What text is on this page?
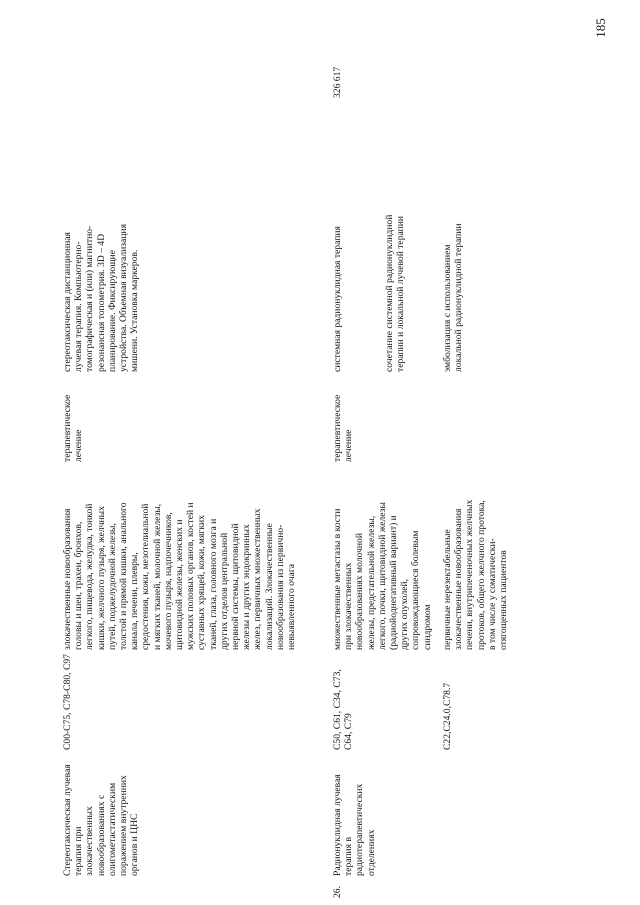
185
Стереотаксическая лучевая
терапия при
злокачественных
новообразованиях с
олигометастатическим
поражением внутренних
органов и ЦНС
С00-С75, С78-С80, С97
злокачественные новообразования
головы и шеи, трахеи, бронхов,
легкого, пищевода, желудка, тонкой
кишки, желчного пузыря, желчных
путей, поджелудочной железы,
толстой и прямой кишки, анального
канала, печени, плевры,
средостения, кожи, мезотелиальной
и мягких тканей, молочной железы,
мочевого пузыря, надпочечников,
щитовидной железы, женских и
мужских половых органов, костей и
суставных хрящей, кожи, мягких
тканей, глаза, головного мозга и
других отделов центральной
нервной системы, щитовидной
железы и других эндокринных
желез, первичных множественных
локализаций. Злокачественные
новообразования из первично-
невыявленного очага
терапевтическое
лечение
стереотаксическая дистанционная
лучевая терапия. Компьютерно-
томографическая и (или) магнитно-
резонансная топометрия. 3D – 4D
планирование. Фиксирующие
устройства. Объемная визуализация
мишени. Установка маркеров.
26.
Радионуклидная лучевая
терапия в
радиотерапевтических
отделениях
С50, С61, С34, С73,
С64, С79
множественные метастазы в кости
при злокачественных
новообразованиях молочной
железы, предстательной железы,
легкого, почки, щитовидной железы
(радиойоднегативный вариант) и
других опухолей,
сопровождающиеся болевым
синдромом
терапевтическое
лечение
системная радионуклидная терапия	сочетание системной радионуклидной
терапии и локальной лучевой терапии
326 617
С22,С24.0,С78.7
первичные нерезектабельные
злокачественные новообразования
печени, внутрипеченочных желчных
протоков, общего желчного протока,
в том числе у соматически-
отягощенных пациентов
эмболизация с использованием
локальной радионуклидной терапии
